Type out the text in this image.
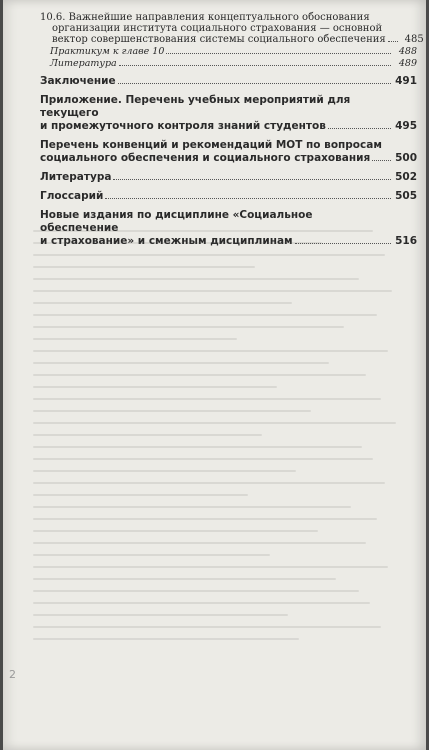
10.6. Важнейшие направления концептуального обоснования
организации института социального страхования — основной
вектор совершенствования системы социального обеспечения	485
Практикум к главе 10	488
Литература	489
Заключение	491
Приложение. Перечень учебных мероприятий для текущего
и промежуточного контроля знаний студентов	495
Перечень конвенций и рекомендаций МОТ по вопросам
социального обеспечения и социального страхования 500
Литература	502
Глоссарий	505
Новые издания по дисциплине «Социальное обеспечение
и страхование» и смежным дисциплинам	516
2
